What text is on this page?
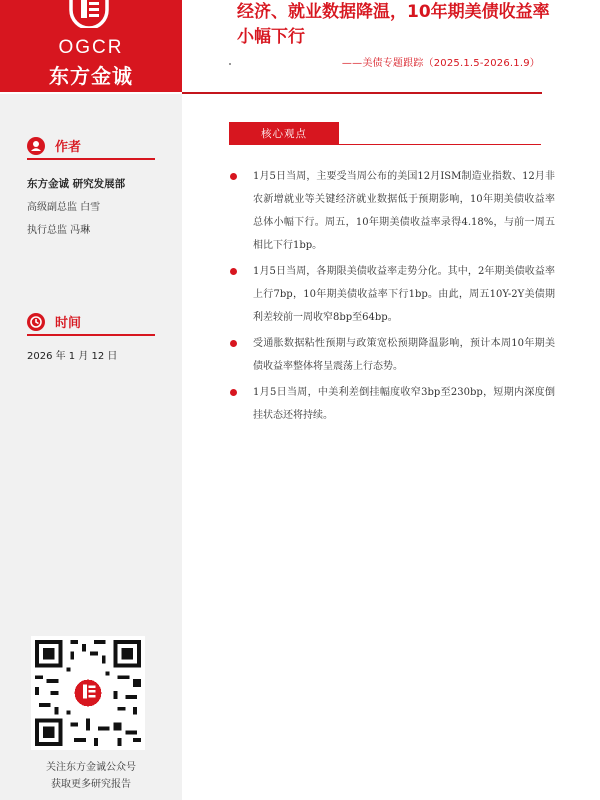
OGCR
东方金诚
经济、就业数据降温，10年期美债收益率小幅下行
——美债专题跟踪（2025.1.5-2026.1.9）
作者
东方金诚 研究发展部
高级副总监 白雪
执行总监 冯琳
时间
2026 年 1 月 12 日
关注东方金诚公众号
获取更多研究报告
核心观点
1月5日当周，主要受当周公布的美国12月ISM制造业指数、12月非农新增就业等关键经济就业数据低于预期影响，10年期美债收益率总体小幅下行。周五，10年期美债收益率录得4.18%，与前一周五相比下行1bp。
1月5日当周，各期限美债收益率走势分化。其中，2年期美债收益率上行7bp，10年期美债收益率下行1bp。由此，周五10Y-2Y美债期利差较前一周收窄8bp至64bp。
受通胀数据粘性预期与政策宽松预期降温影响，预计本周10年期美债收益率整体将呈震荡上行态势。
1月5日当周，中美利差倒挂幅度收窄3bp至230bp，短期内深度倒挂状态还将持续。
